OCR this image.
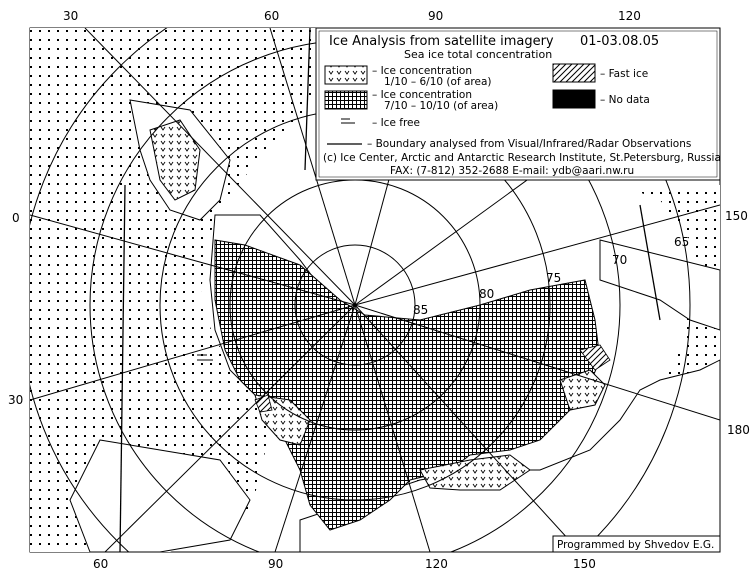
85
80
75
70
65
30	60	90	120
0
30
150
180
60	90	120	150
Ice Analysis from satellite imagery 01-03.08.05
Sea ice total concentration
– Ice concentration
1/10 – 6/10 (of area)
– Ice concentration
7/10 – 10/10 (of area)
– Ice free
– Fast ice
– No data
– Boundary analysed from Visual/Infrared/Radar Observations
(c) Ice Center, Arctic and Antarctic Research Institute, St.Petersburg, Russia
FAX: (7-812) 352-2688 E-mail: ydb@aari.nw.ru
Programmed by Shvedov E.G.
